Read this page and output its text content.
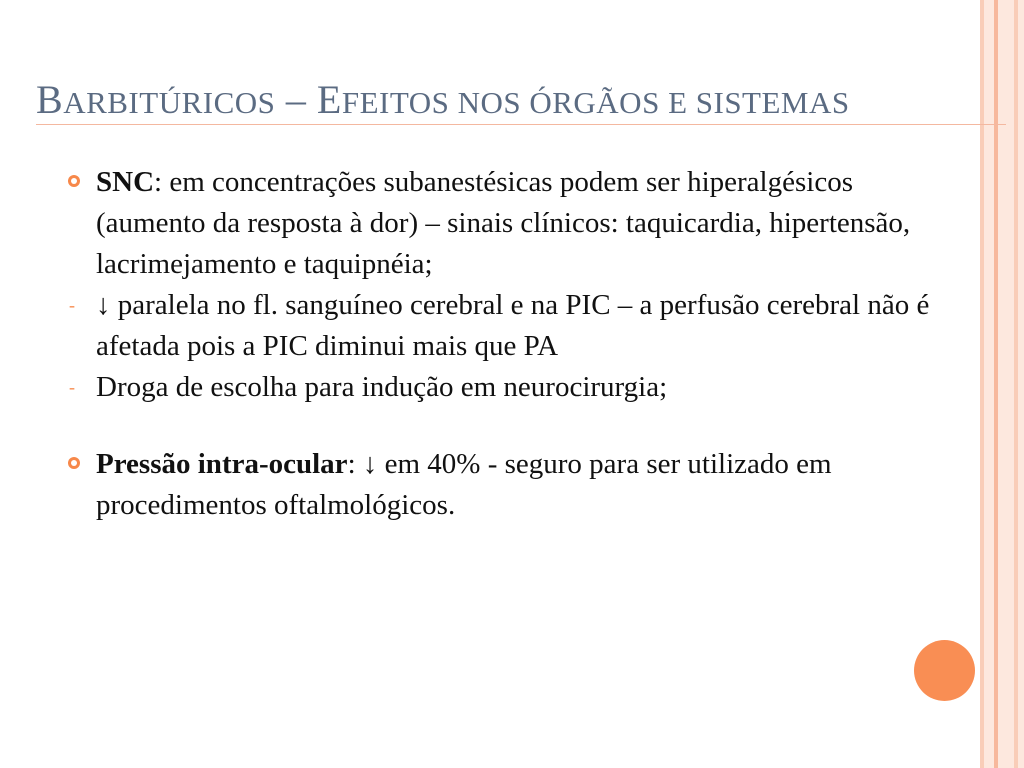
BARBITÚRICOS – EFEITOS NOS ÓRGÃOS E SISTEMAS
SNC: em concentrações subanestésicas podem ser hiperalgésicos (aumento da resposta à dor) – sinais clínicos: taquicardia, hipertensão, lacrimejamento e taquipnéia;
- ↓ paralela no fl. sanguíneo cerebral e na PIC – a perfusão cerebral não é afetada pois a PIC diminui mais que PA
- Droga de escolha para indução em neurocirurgia;
Pressão intra-ocular: ↓ em 40% - seguro para ser utilizado em procedimentos oftalmológicos.
